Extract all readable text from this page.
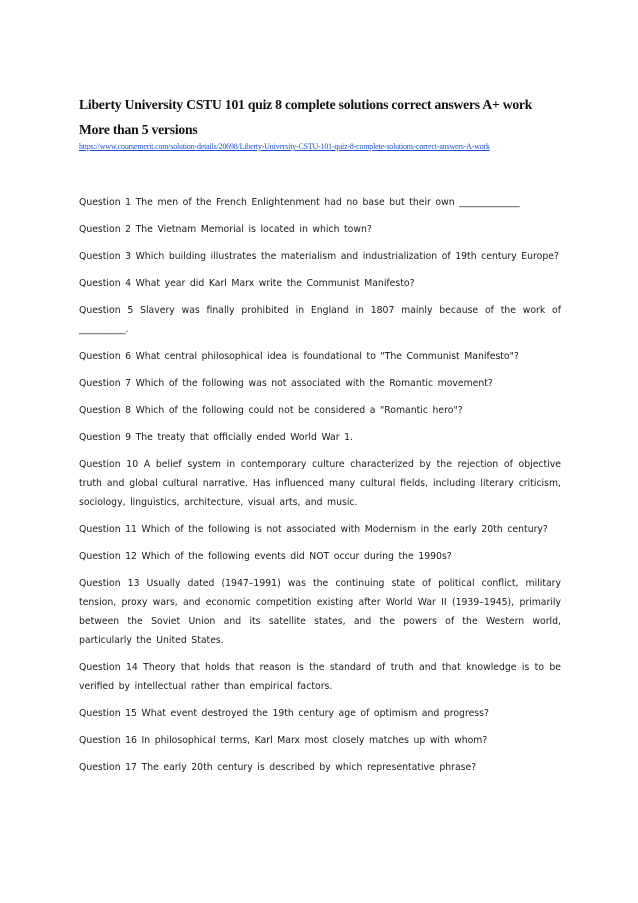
Liberty University CSTU 101 quiz 8 complete solutions correct answers A+ work
More than 5 versions
https://www.coursemerit.com/solution-details/20698/Liberty-University-CSTU-101-quiz-8-complete-solutions-correct-answers-A-work
Question 1 The men of the French Enlightenment had no base but their own _____________
Question 2 The Vietnam Memorial is located in which town?
Question 3 Which building illustrates the materialism and industrialization of 19th century Europe?
Question 4 What year did Karl Marx write the Communist Manifesto?
Question 5 Slavery was finally prohibited in England in 1807 mainly because of the work of __________.
Question 6 What central philosophical idea is foundational to "The Communist Manifesto"?
Question 7 Which of the following was not associated with the Romantic movement?
Question 8 Which of the following could not be considered a "Romantic hero"?
Question 9 The treaty that officially ended World War 1.
Question 10 A belief system in contemporary culture characterized by the rejection of objective truth and global cultural narrative. Has influenced many cultural fields, including literary criticism, sociology, linguistics, architecture, visual arts, and music.
Question 11 Which of the following is not associated with Modernism in the early 20th century?
Question 12 Which of the following events did NOT occur during the 1990s?
Question 13 Usually dated (1947–1991) was the continuing state of political conflict, military tension, proxy wars, and economic competition existing after World War II (1939–1945), primarily between the Soviet Union and its satellite states, and the powers of the Western world, particularly the United States.
Question 14 Theory that holds that reason is the standard of truth and that knowledge is to be verified by intellectual rather than empirical factors.
Question 15 What event destroyed the 19th century age of optimism and progress?
Question 16 In philosophical terms, Karl Marx most closely matches up with whom?
Question 17 The early 20th century is described by which representative phrase?
